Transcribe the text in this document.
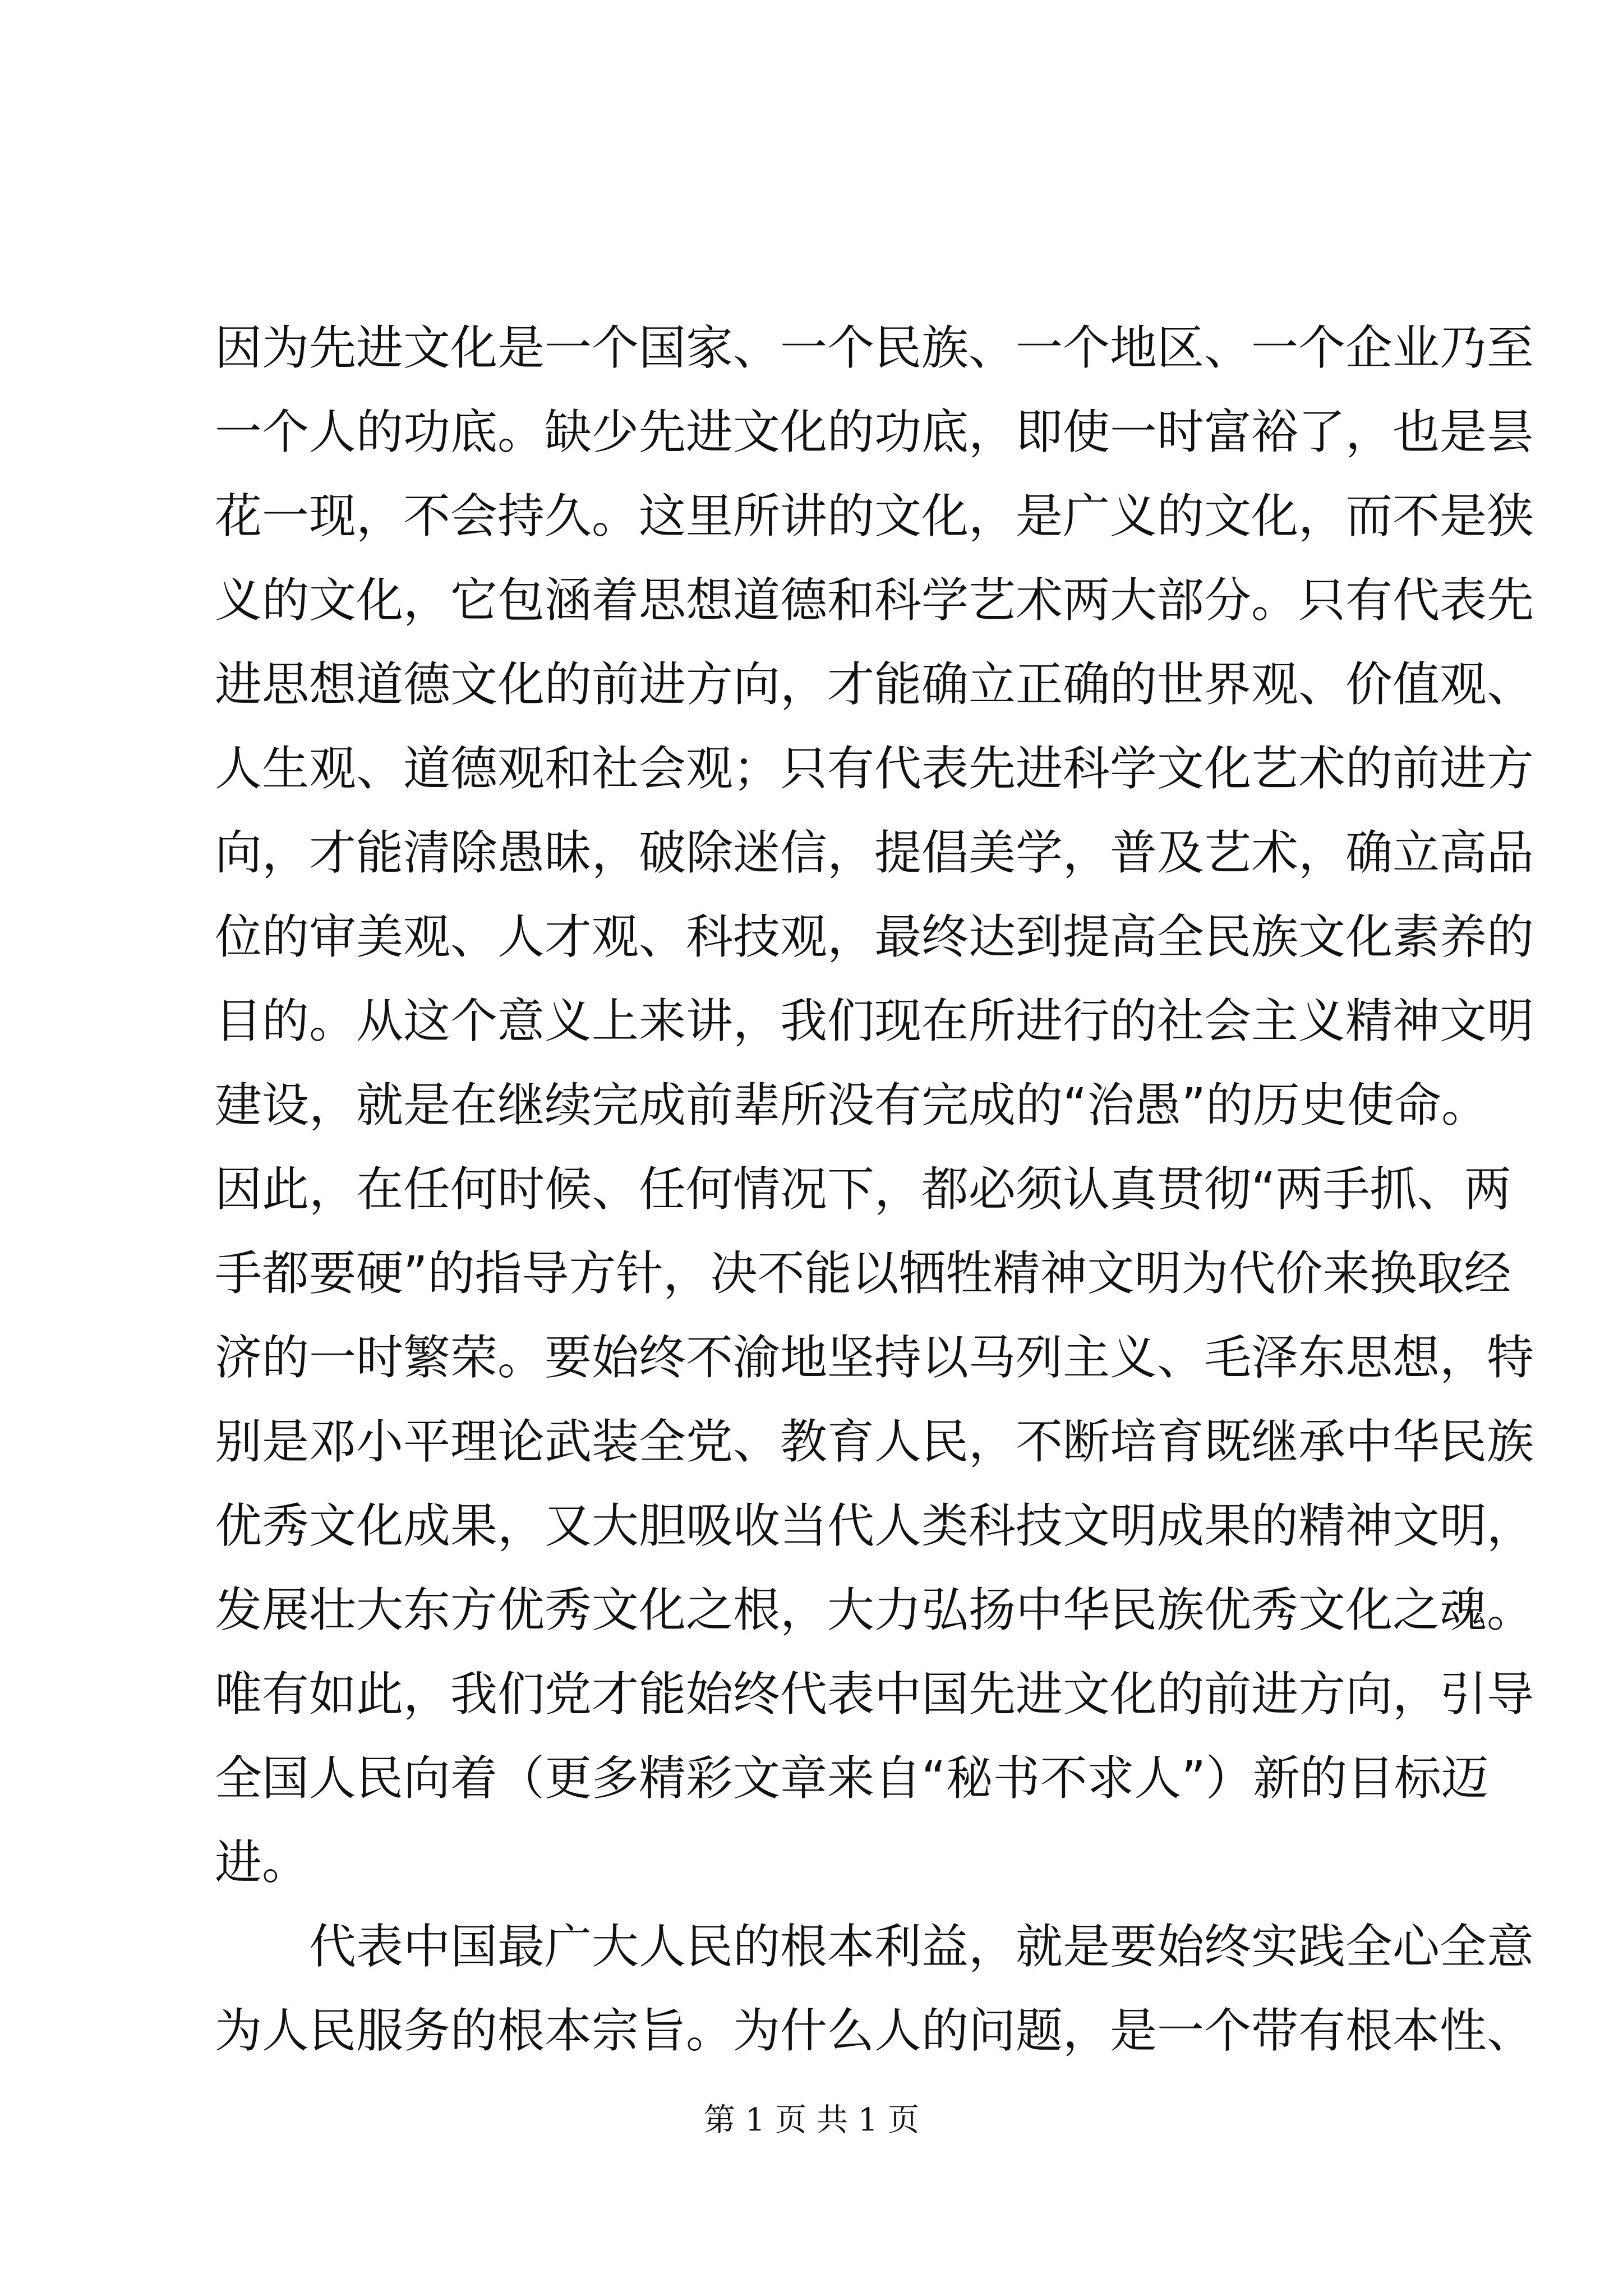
因为先进文化是一个国家、一个民族、一个地区、一个企业乃至
一个人的功底。缺少先进文化的功底，即使一时富裕了，也是昙
花一现，不会持久。这里所讲的文化，是广义的文化，而不是狭
义的文化，它包涵着思想道德和科学艺术两大部分。只有代表先
进思想道德文化的前进方向，才能确立正确的世界观、价值观、
人生观、道德观和社会观；只有代表先进科学文化艺术的前进方
向，才能清除愚昧，破除迷信，提倡美学，普及艺术，确立高品
位的审美观、人才观、科技观，最终达到提高全民族文化素养的
目的。从这个意义上来讲，我们现在所进行的社会主义精神文明
建设，就是在继续完成前辈所没有完成的“治愚”的历史使命。
因此，在任何时候、任何情况下，都必须认真贯彻“两手抓、两
手都要硬”的指导方针，决不能以牺牲精神文明为代价来换取经
济的一时繁荣。要始终不渝地坚持以马列主义、毛泽东思想，特
别是邓小平理论武装全党、教育人民，不断培育既继承中华民族
优秀文化成果，又大胆吸收当代人类科技文明成果的精神文明，
发展壮大东方优秀文化之根，大力弘扬中华民族优秀文化之魂。
唯有如此，我们党才能始终代表中国先进文化的前进方向，引导
全国人民向着（更多精彩文章来自“秘书不求人”）新的目标迈
进。
　　代表中国最广大人民的根本利益，就是要始终实践全心全意
为人民服务的根本宗旨。为什么人的问题，是一个带有根本性、
第 1 页 共 1 页
